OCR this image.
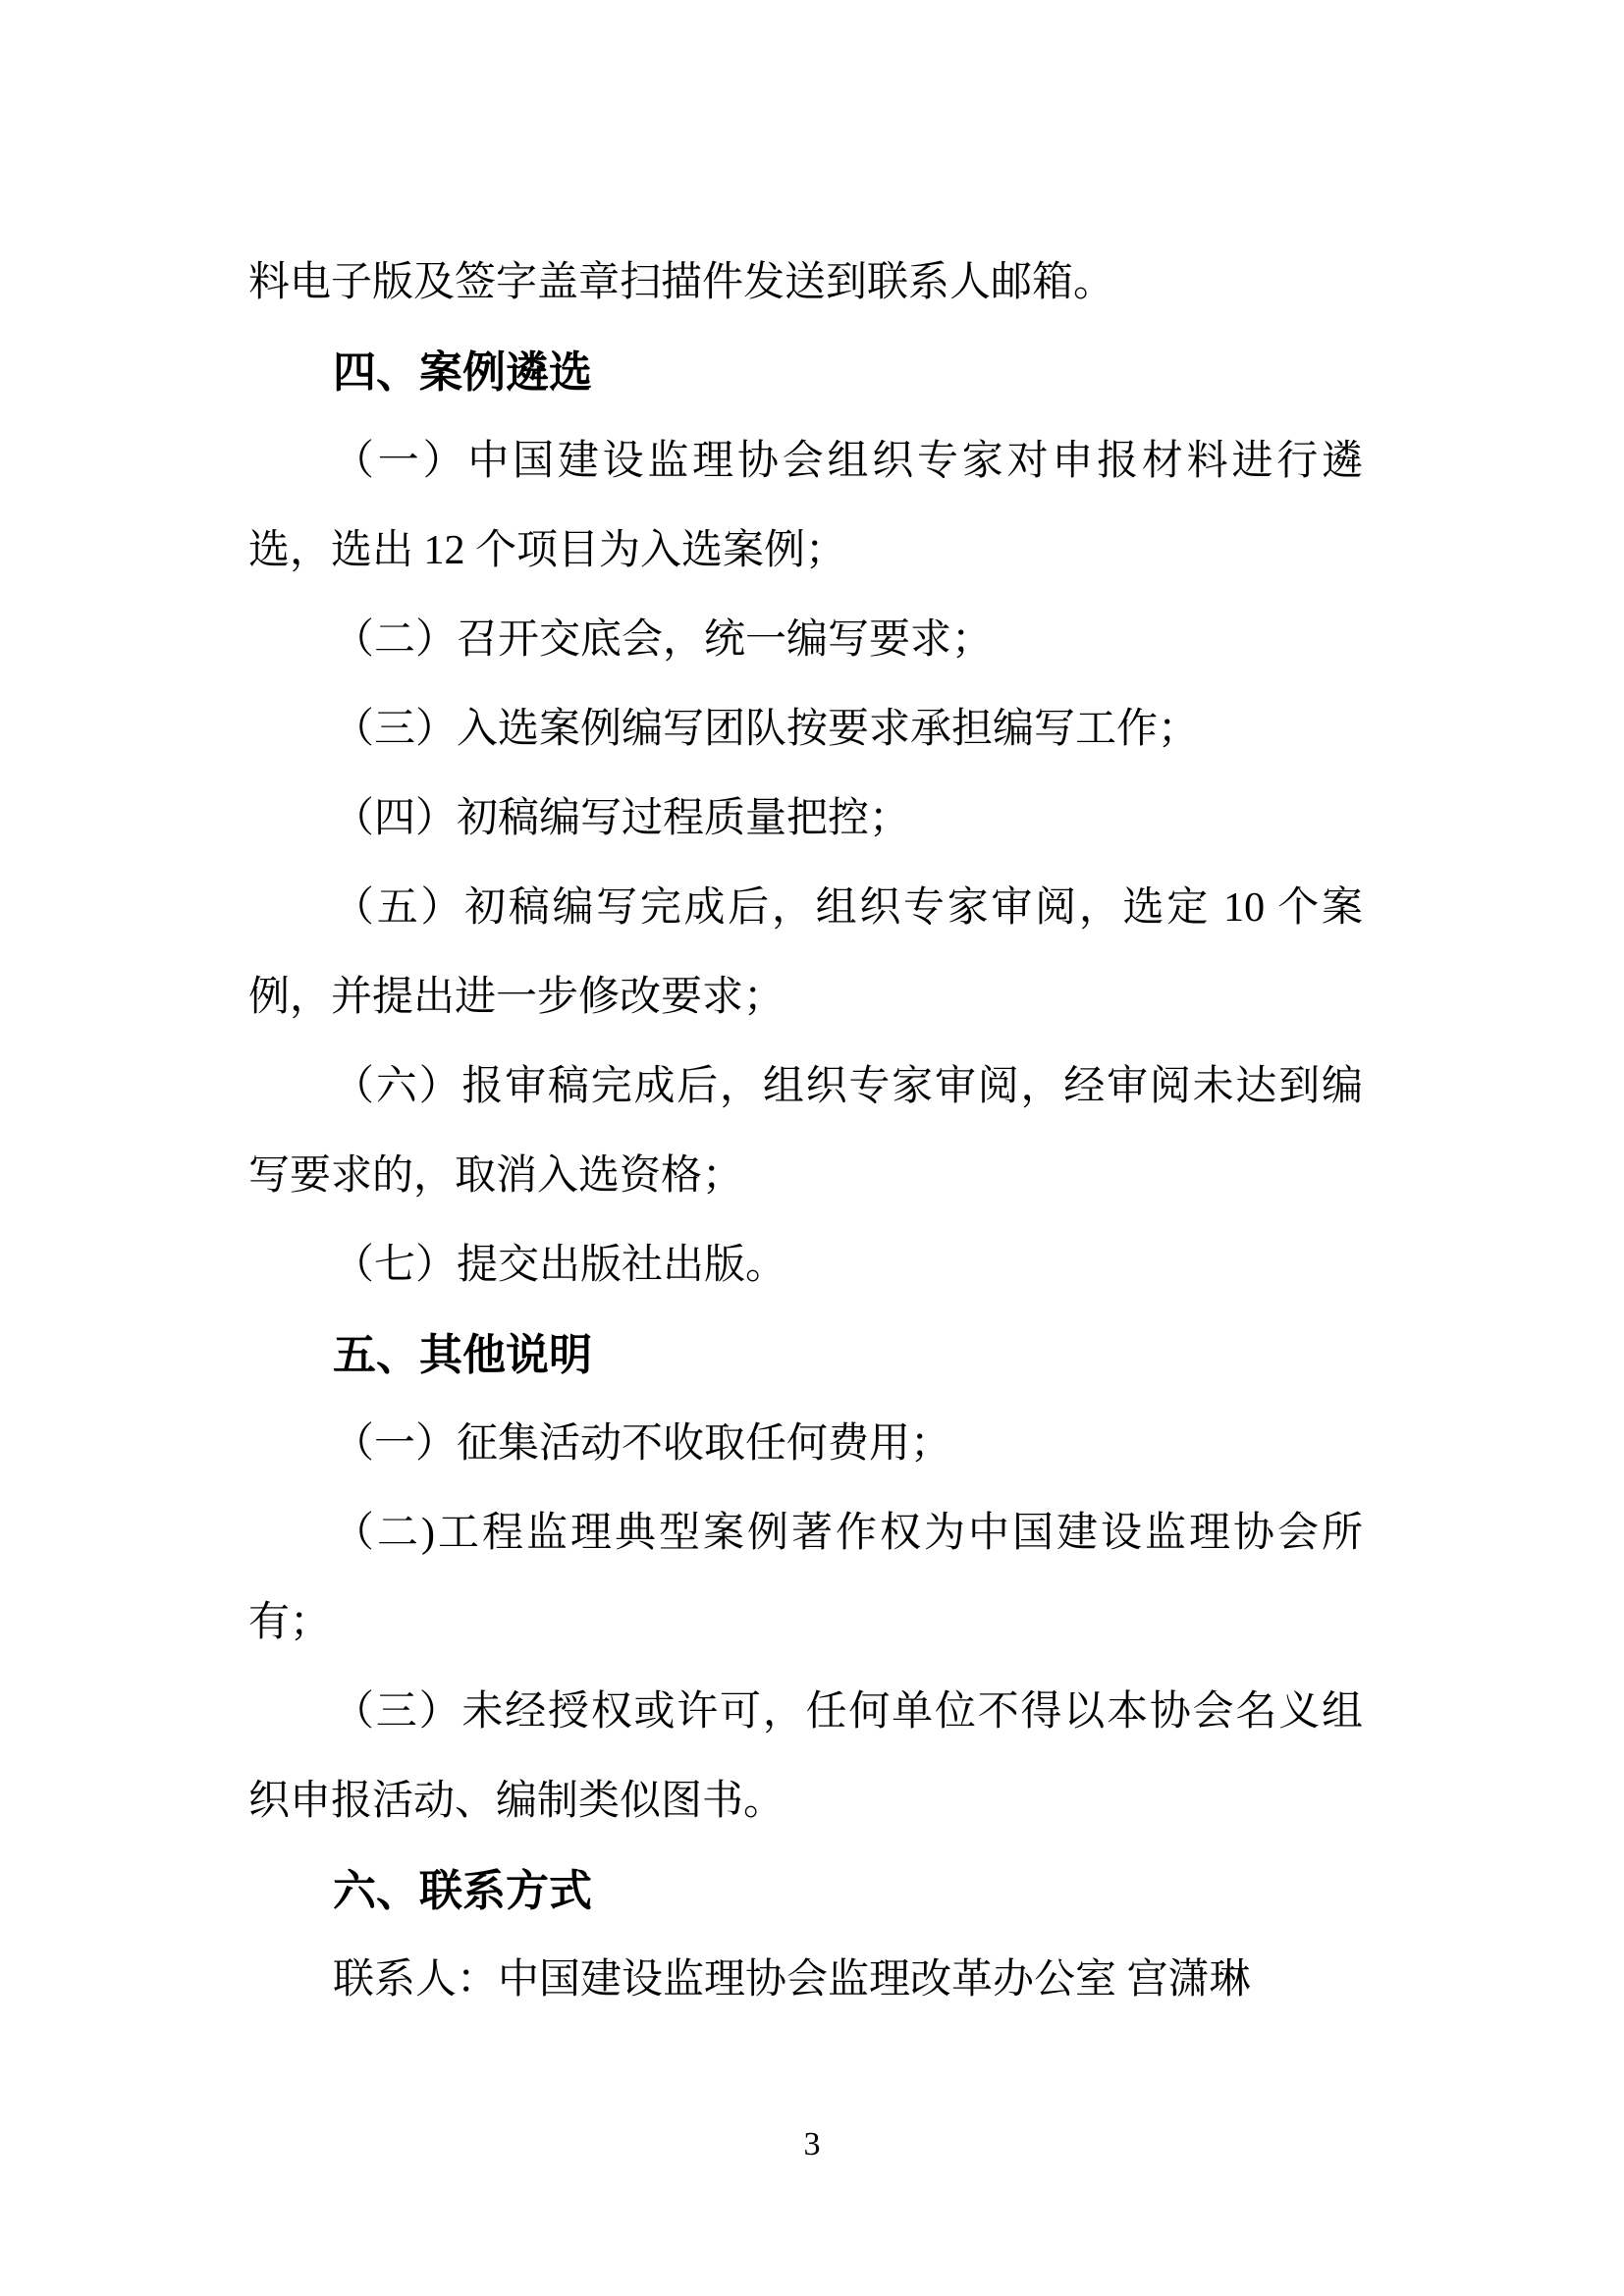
料电子版及签字盖章扫描件发送到联系人邮箱。
四、案例遴选
（一）中国建设监理协会组织专家对申报材料进行遴
选，选出 12 个项目为入选案例；
（二）召开交底会，统一编写要求；
（三）入选案例编写团队按要求承担编写工作；
（四）初稿编写过程质量把控；
（五）初稿编写完成后，组织专家审阅，选定 10 个案
例，并提出进一步修改要求；
（六）报审稿完成后，组织专家审阅，经审阅未达到编
写要求的，取消入选资格；
（七）提交出版社出版。
五、其他说明
（一）征集活动不收取任何费用；
（二)工程监理典型案例著作权为中国建设监理协会所
有；
（三）未经授权或许可，任何单位不得以本协会名义组
织申报活动、编制类似图书。
六、联系方式
联系人：中国建设监理协会监理改革办公室 宫潇琳
3
